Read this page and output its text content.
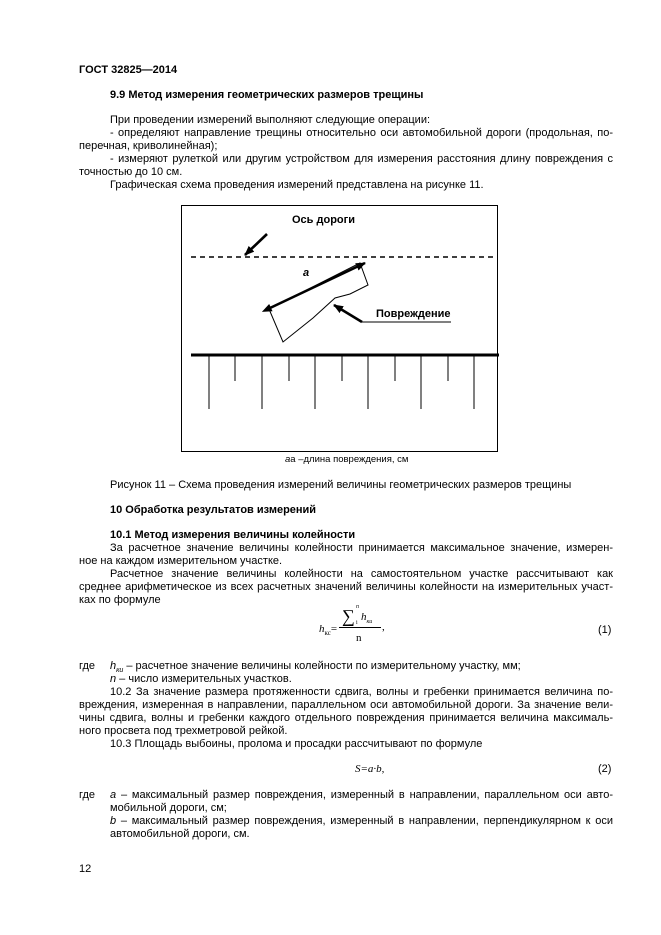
ГОСТ 32825—2014
9.9 Метод измерения геометрических размеров трещины
При проведении измерений выполняют следующие операции:
- определяют направление трещины относительно оси автомобильной дороги (продольная, по-
перечная, криволинейная);
- измеряют рулеткой или другим устройством для измерения расстояния длину повреждения с
точностью до 10 см.
Графическая схема проведения измерений представлена на рисунке 11.
Ось дороги
a
Повреждение
aа –длина повреждения, см
Рисунок 11 – Схема проведения измерений величины геометрических размеров трещины
10 Обработка результатов измерений
10.1 Метод измерения величины колейности
За расчетное значение величины колейности принимается максимальное значение, измерен-
ное на каждом измерительном участке.
Расчетное значение величины колейности на самостоятельном участке рассчитывают как
среднее арифметическое из всех расчетных значений величины колейности на измерительных участ-
ках по формуле
$h_{кс}=$
∑ n
i $h_{кu}$
n
,	(1)
где $h_{ки}$ – расчетное значение величины колейности по измерительному участку, мм;
n – число измерительных участков.
10.2 За значение размера протяженности сдвига, волны и гребенки принимается величина по-
вреждения, измеренная в направлении, параллельном оси автомобильной дороги. За значение вели-
чины сдвига, волны и гребенки каждого отдельного повреждения принимается величина максималь-
ного просвета под трехметровой рейкой.
10.3 Площадь выбоины, пролома и просадки рассчитывают по формуле
S=a·b,	(2)
где a – максимальный размер повреждения, измеренный в направлении, параллельном оси авто-
мобильной дороги, см;
b – максимальный размер повреждения, измеренный в направлении, перпендикулярном к оси
автомобильной дороги, см.
12
